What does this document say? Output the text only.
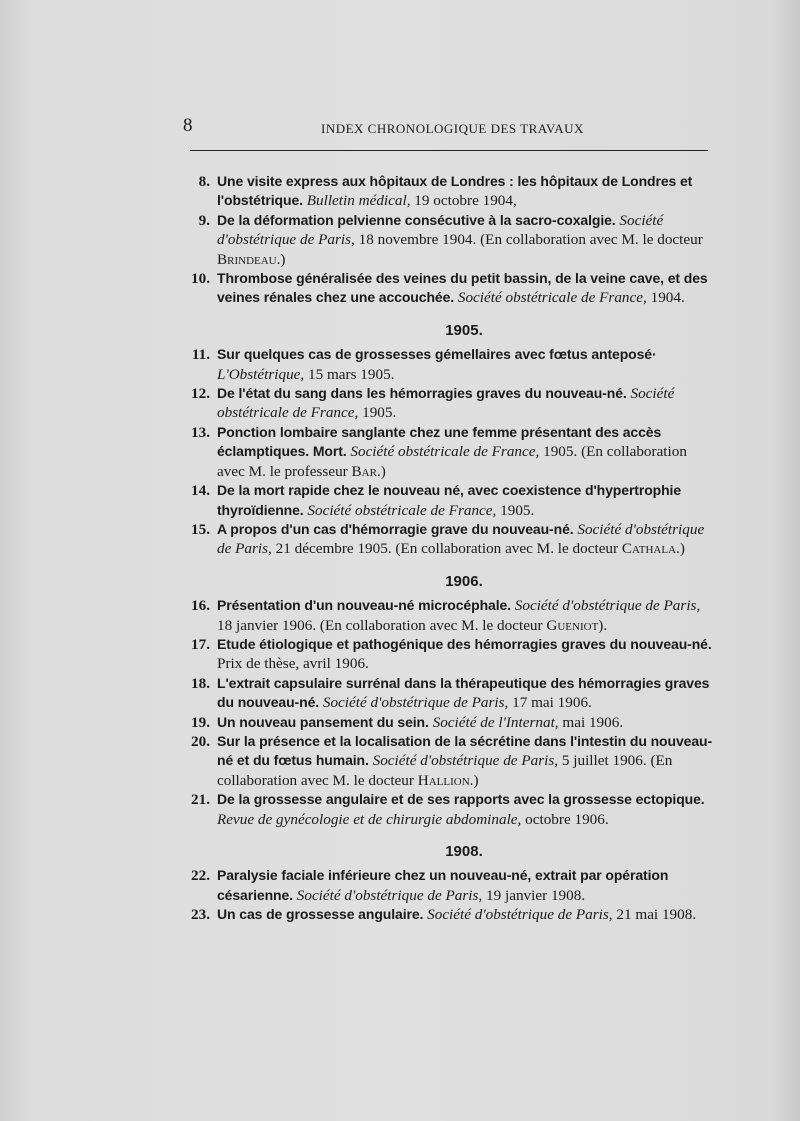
8	INDEX CHRONOLOGIQUE DES TRAVAUX

8. Une visite express aux hôpitaux de Londres : les hôpitaux de Londres et l'obstétrique. Bulletin médical, 19 octobre 1904,

9. De la déformation pelvienne consécutive à la sacro-coxalgie. Société d'obstétrique de Paris, 18 novembre 1904. (En collaboration avec M. le docteur Brindeau.)

10. Thrombose généralisée des veines du petit bassin, de la veine cave, et des veines rénales chez une accouchée. Société obstétricale de France, 1904.

1905.

11. Sur quelques cas de grossesses gémellaires avec fœtus anteposé· L'Obstétrique, 15 mars 1905.

12. De l'état du sang dans les hémorragies graves du nouveau-né. Société obstétricale de France, 1905.

13. Ponction lombaire sanglante chez une femme présentant des accès éclamptiques. Mort. Société obstétricale de France, 1905. (En collaboration avec M. le professeur Bar.)

14. De la mort rapide chez le nouveau né, avec coexistence d'hypertrophie thyroïdienne. Société obstétricale de France, 1905.

15. A propos d'un cas d'hémorragie grave du nouveau-né. Société d'obstétrique de Paris, 21 décembre 1905. (En collaboration avec M. le docteur Cathala.)

1906.

16. Présentation d'un nouveau-né microcéphale. Société d'obstétrique de Paris, 18 janvier 1906. (En collaboration avec M. le docteur Gueniot).

17. Etude étiologique et pathogénique des hémorragies graves du nouveau-né. Prix de thèse, avril 1906.

18. L'extrait capsulaire surrénal dans la thérapeutique des hémorragies graves du nouveau-né. Société d'obstétrique de Paris, 17 mai 1906.

19. Un nouveau pansement du sein. Société de l'Internat, mai 1906.

20. Sur la présence et la localisation de la sécrétine dans l'intestin du nouveau-né et du fœtus humain. Société d'obstétrique de Paris, 5 juillet 1906. (En collaboration avec M. le docteur Hallion.)

21. De la grossesse angulaire et de ses rapports avec la grossesse ectopique. Revue de gynécologie et de chirurgie abdominale, octobre 1906.

1908.

22. Paralysie faciale inférieure chez un nouveau-né, extrait par opération césarienne. Société d'obstétrique de Paris, 19 janvier 1908.

23. Un cas de grossesse angulaire. Société d'obstétrique de Paris, 21 mai 1908.
